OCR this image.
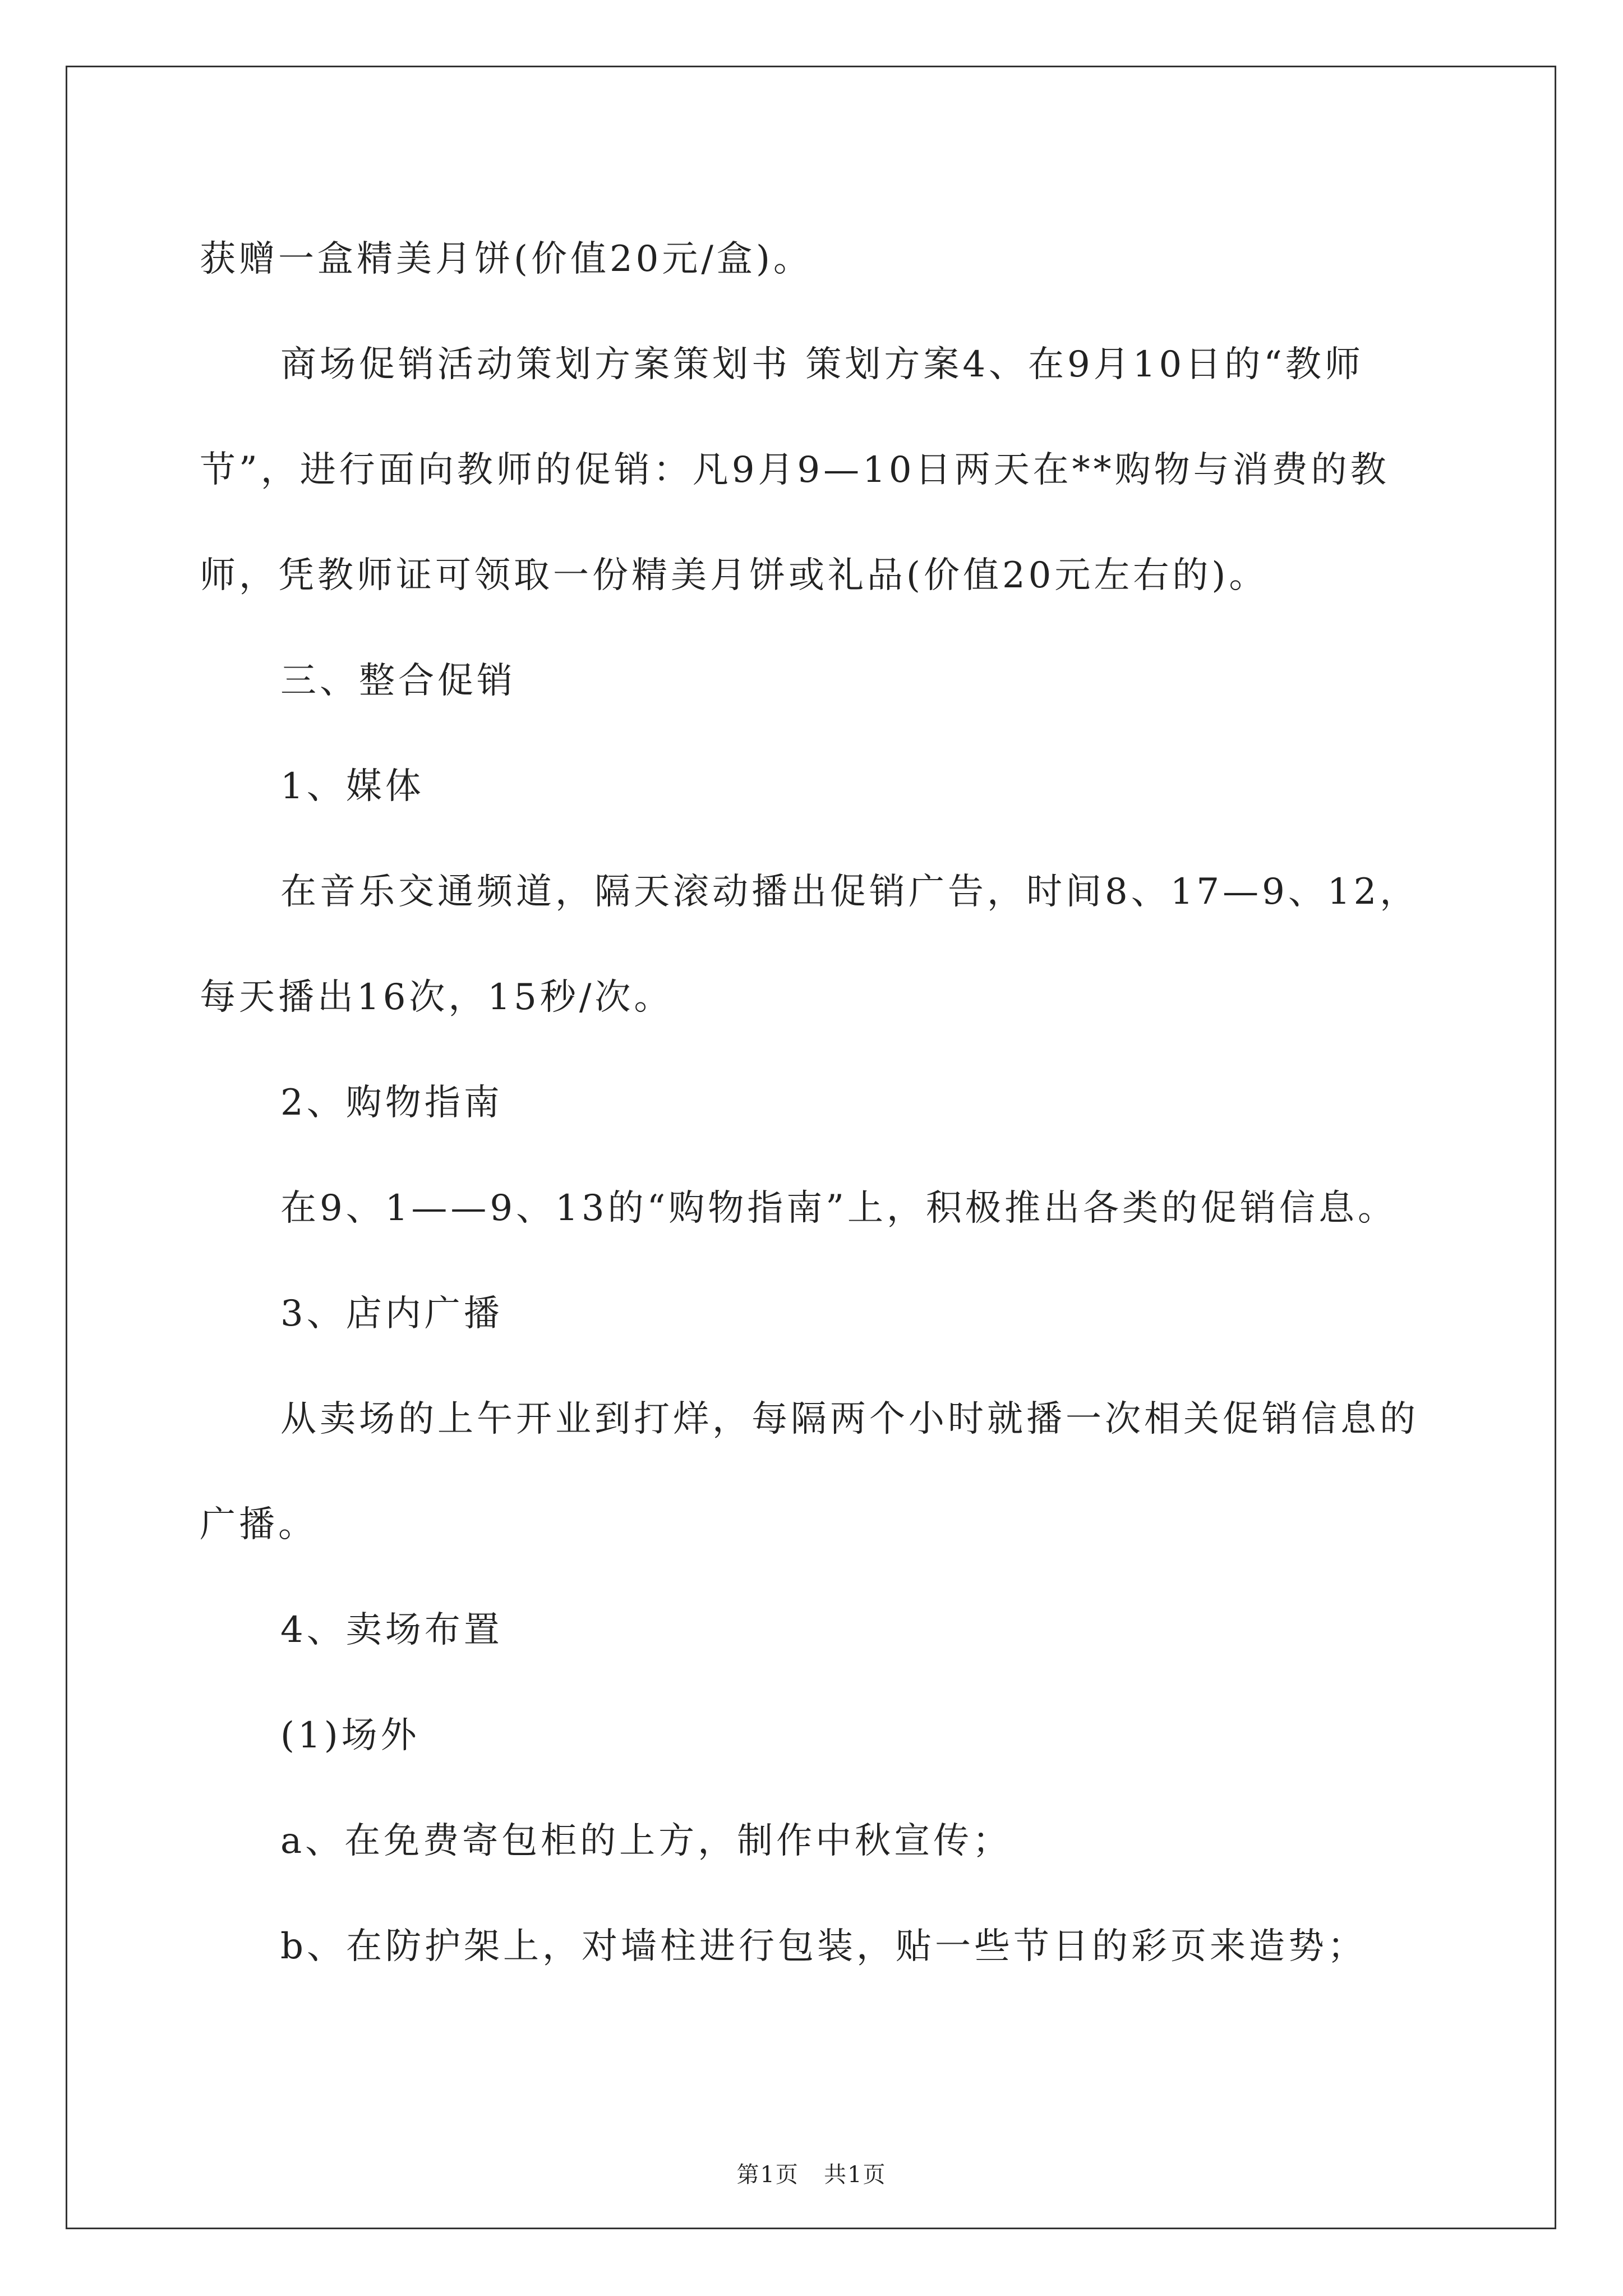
获赠一盒精美月饼(价值20元/盒)。

商场促销活动策划方案策划书 策划方案4、在9月10日的“教师节”，进行面向教师的促销：凡9月9—10日两天在**购物与消费的教师，凭教师证可领取一份精美月饼或礼品(价值20元左右的)。

三、整合促销

1、媒体

在音乐交通频道，隔天滚动播出促销广告，时间8、17—9、12，每天播出16次，15秒/次。

2、购物指南

在9、1——9、13的“购物指南”上，积极推出各类的促销信息。

3、店内广播

从卖场的上午开业到打烊，每隔两个小时就播一次相关促销信息的广播。

4、卖场布置

(1)场外

a、在免费寄包柜的上方，制作中秋宣传；

b、在防护架上，对墙柱进行包装，贴一些节日的彩页来造势；

第1页 共1页
